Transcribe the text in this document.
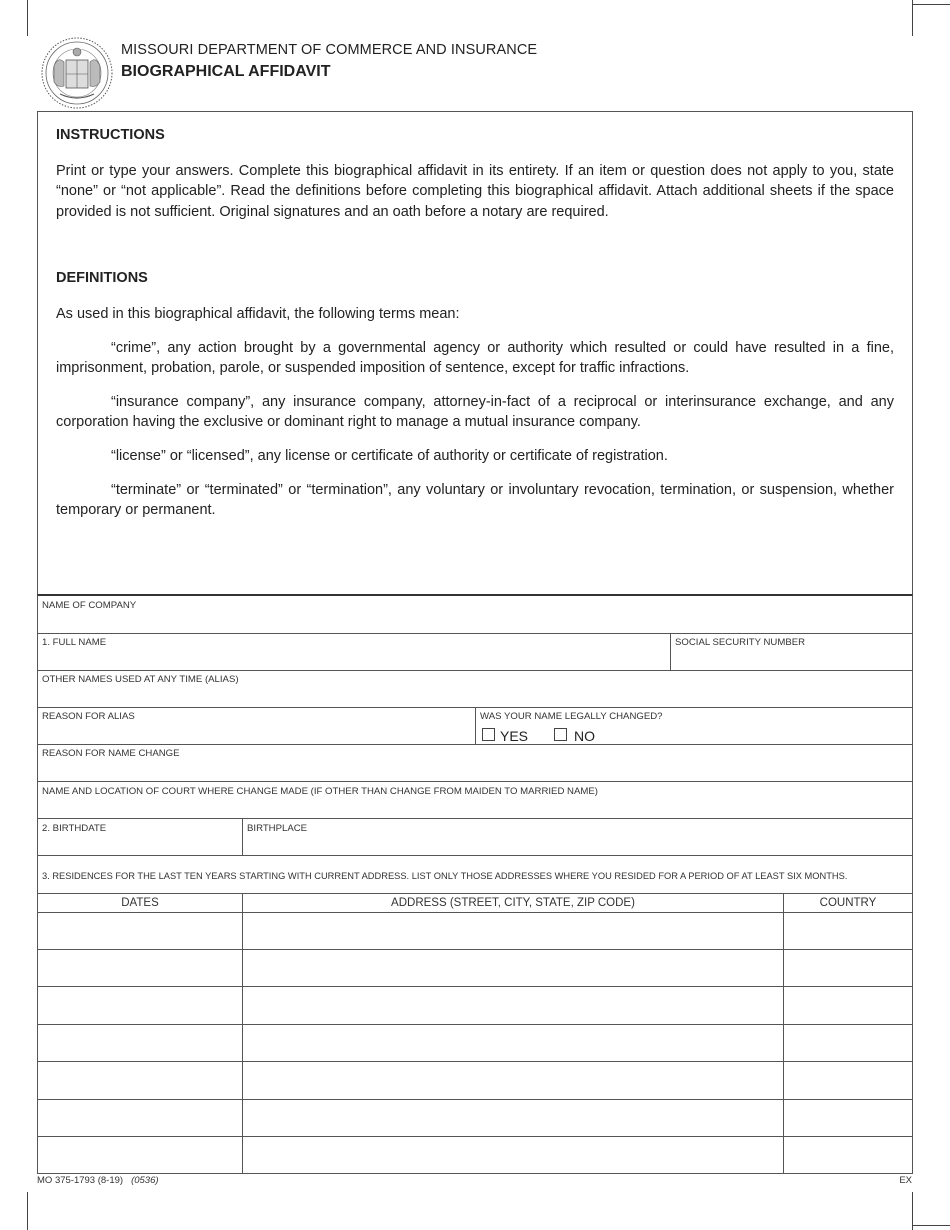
MISSOURI DEPARTMENT OF COMMERCE AND INSURANCE
BIOGRAPHICAL AFFIDAVIT
INSTRUCTIONS

Print or type your answers. Complete this biographical affidavit in its entirety. If an item or question does not apply to you, state “none” or “not applicable”. Read the definitions before completing this biographical affidavit. Attach additional sheets if the space provided is not sufficient. Original signatures and an oath before a notary are required.

DEFINITIONS

As used in this biographical affidavit, the following terms mean:

“crime”, any action brought by a governmental agency or authority which resulted or could have resulted in a fine, imprisonment, probation, parole, or suspended imposition of sentence, except for traffic infractions.

“insurance company”, any insurance company, attorney-in-fact of a reciprocal or interinsurance exchange, and any corporation having the exclusive or dominant right to manage a mutual insurance company.

“license” or “licensed”, any license or certificate of authority or certificate of registration.

“terminate” or “terminated” or “termination”, any voluntary or involuntary revocation, termination, or suspension, whether temporary or permanent.

NAME OF COMPANY
1. FULL NAME	SOCIAL SECURITY NUMBER
OTHER NAMES USED AT ANY TIME (ALIAS)
REASON FOR ALIAS	WAS YOUR NAME LEGALLY CHANGED?
YES	NO
REASON FOR NAME CHANGE
NAME AND LOCATION OF COURT WHERE CHANGE MADE (IF OTHER THAN CHANGE FROM MAIDEN TO MARRIED NAME)
2. BIRTHDATE	BIRTHPLACE
3. RESIDENCES FOR THE LAST TEN YEARS STARTING WITH CURRENT ADDRESS. LIST ONLY THOSE ADDRESSES WHERE YOU RESIDED FOR A PERIOD OF AT LEAST SIX MONTHS.
DATES	ADDRESS (STREET, CITY, STATE, ZIP CODE)	COUNTRY
MO 375-1793 (8-19) (0536)	EX
